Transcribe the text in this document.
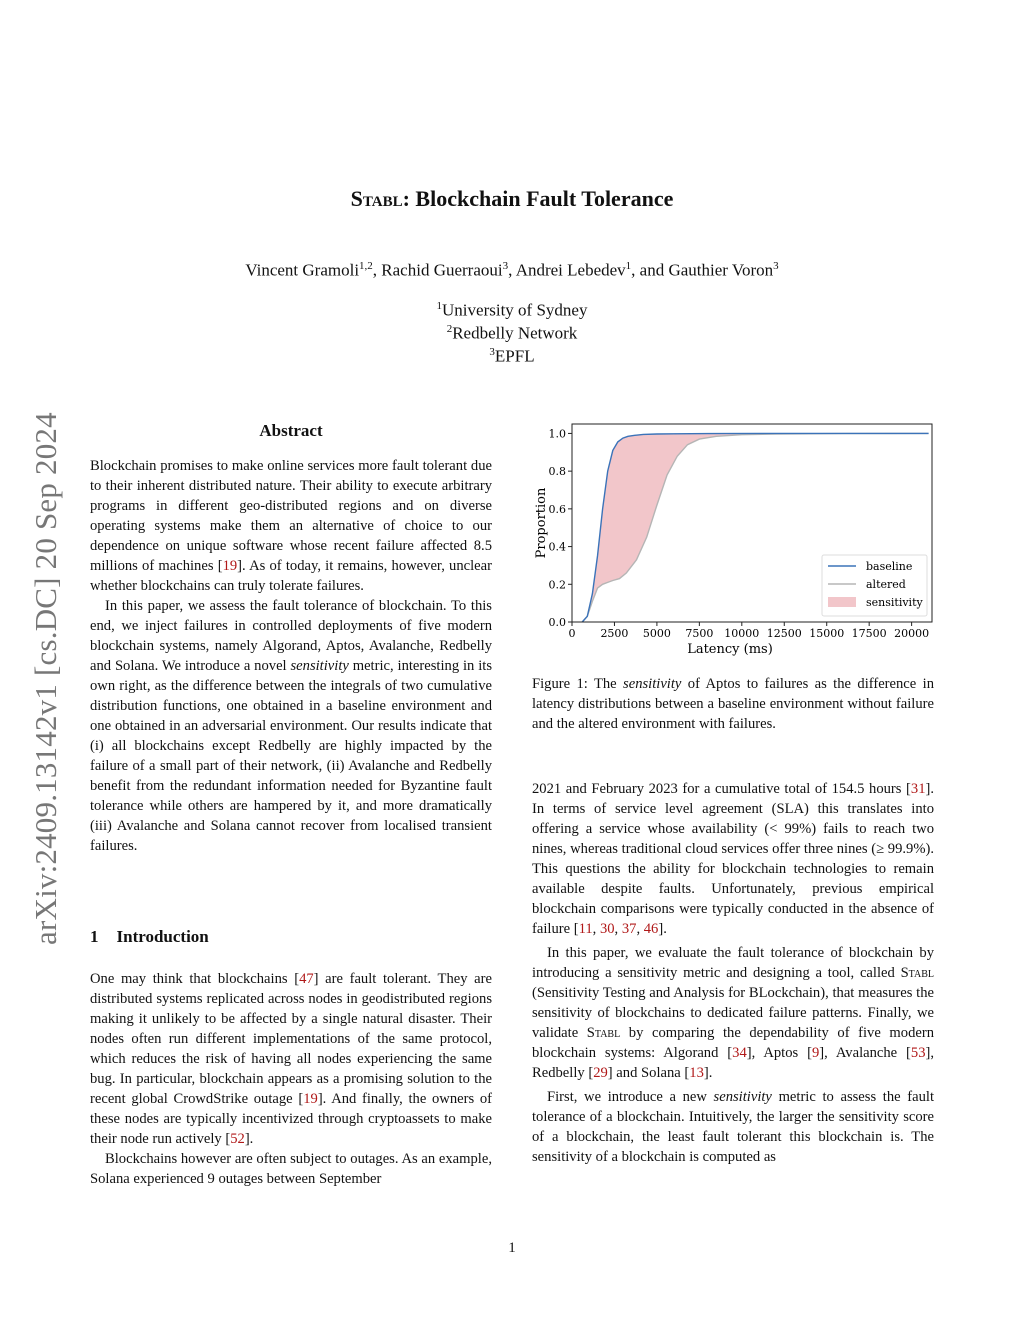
arXiv:2409.13142v1 [cs.DC] 20 Sep 2024
Stabl: Blockchain Fault Tolerance
Vincent Gramoli$^{1,2}$, Rachid Guerraoui$^3$, Andrei Lebedev$^1$, and Gauthier Voron$^3$
$^1$University of Sydney
$^2$Redbelly Network
$^3$EPFL
Abstract

Blockchain promises to make online services more fault tolerant due to their inherent distributed nature. Their ability to execute arbitrary programs in different geo-distributed regions and on diverse operating systems make them an alternative of choice to our dependence on unique software whose recent failure affected 8.5 millions of machines [19]. As of today, it remains, however, unclear whether blockchains can truly tolerate failures.

In this paper, we assess the fault tolerance of blockchain. To this end, we inject failures in controlled deployments of five modern blockchain systems, namely Algorand, Aptos, Avalanche, Redbelly and Solana. We introduce a novel sensitivity metric, interesting in its own right, as the difference between the integrals of two cumulative distribution functions, one obtained in a baseline environment and one obtained in an adversarial environment. Our results indicate that (i) all blockchains except Redbelly are highly impacted by the failure of a small part of their network, (ii) Avalanche and Redbelly benefit from the redundant information needed for Byzantine fault tolerance while others are hampered by it, and more dramatically (iii) Avalanche and Solana cannot recover from localised transient failures.

1 Introduction

One may think that blockchains [47] are fault tolerant. They are distributed systems replicated across nodes in geodistributed regions making it unlikely to be affected by a single natural disaster. Their nodes often run different implementations of the same protocol, which reduces the risk of having all nodes experiencing the same bug. In particular, blockchain appears as a promising solution to the recent global CrowdStrike outage [19]. And finally, the owners of these nodes are typically incentivized through cryptoassets to make their node run actively [52].

Blockchains however are often subject to outages. As an example, Solana experienced 9 outages between September

0 2500 5000 7500 10000 12500 15000 17500 20000
0.0
0.2
0.4
0.6
0.8
1.0
Latency (ms)
Proportion
baseline
altered
sensitivity

Figure 1: The sensitivity of Aptos to failures as the difference in latency distributions between a baseline environment without failure and the altered environment with failures.

2021 and February 2023 for a cumulative total of 154.5 hours [31]. In terms of service level agreement (SLA) this translates into offering a service whose availability (< 99%) fails to reach two nines, whereas traditional cloud services offer three nines (≥ 99.9%). This questions the ability for blockchain technologies to remain available despite faults. Unfortunately, previous empirical blockchain comparisons were typically conducted in the absence of failure [11, 30, 37, 46].

In this paper, we evaluate the fault tolerance of blockchain by introducing a sensitivity metric and designing a tool, called Stabl (Sensitivity Testing and Analysis for BLockchain), that measures the sensitivity of blockchains to dedicated failure patterns. Finally, we validate Stabl by comparing the dependability of five modern blockchain systems: Algorand [34], Aptos [9], Avalanche [53], Redbelly [29] and Solana [13].

First, we introduce a new sensitivity metric to assess the fault tolerance of a blockchain. Intuitively, the larger the sensitivity score of a blockchain, the least fault tolerant this blockchain is. The sensitivity of a blockchain is computed as

1
